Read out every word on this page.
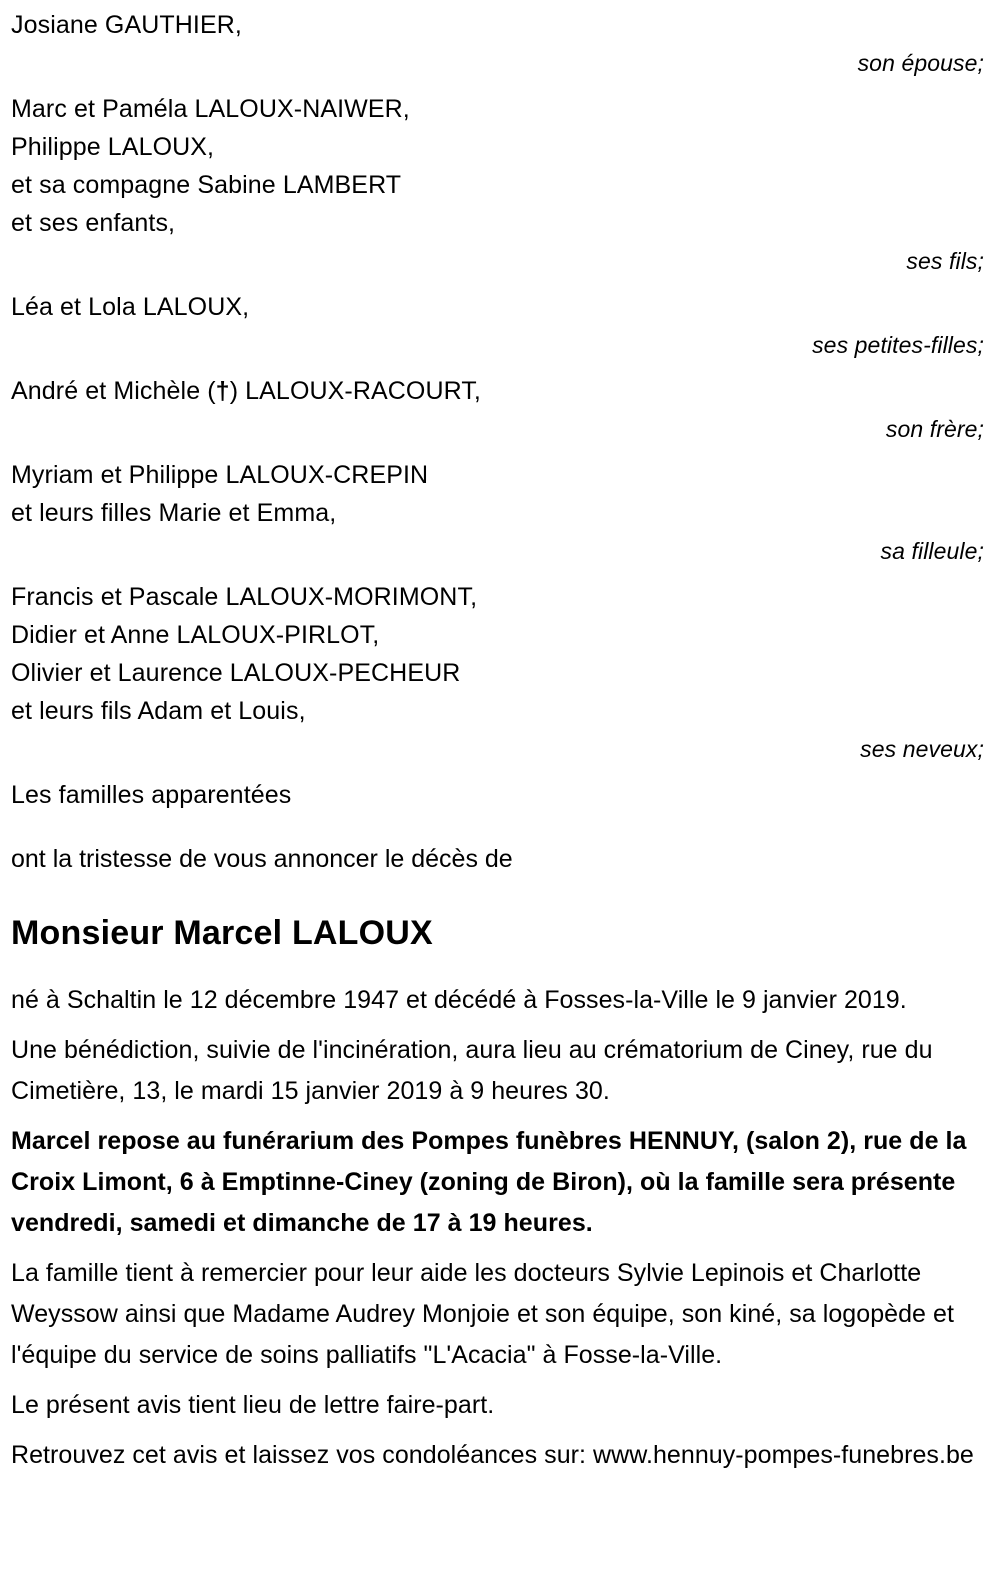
Josiane GAUTHIER,
son épouse;
Marc et Paméla LALOUX-NAIWER,
Philippe LALOUX,
et sa compagne Sabine LAMBERT
et ses enfants,
ses fils;
Léa et Lola LALOUX,
ses petites-filles;
André et Michèle (†) LALOUX-RACOURT,
son frère;
Myriam et Philippe LALOUX-CREPIN
et leurs filles Marie et Emma,
sa filleule;
Francis et Pascale LALOUX-MORIMONT,
Didier et Anne LALOUX-PIRLOT,
Olivier et Laurence LALOUX-PECHEUR
et leurs fils Adam et Louis,
ses neveux;
Les familles apparentées
ont la tristesse de vous annoncer le décès de
Monsieur Marcel LALOUX

né à Schaltin le 12 décembre 1947 et décédé à Fosses-la-Ville le 9 janvier 2019.

Une bénédiction, suivie de l'incinération, aura lieu au crématorium de Ciney, rue du Cimetière, 13, le mardi 15 janvier 2019 à 9 heures 30.

Marcel repose au funérarium des Pompes funèbres HENNUY, (salon 2), rue de la Croix Limont, 6 à Emptinne-Ciney (zoning de Biron), où la famille sera présente vendredi, samedi et dimanche de 17 à 19 heures.

La famille tient à remercier pour leur aide les docteurs Sylvie Lepinois et Charlotte Weyssow ainsi que Madame Audrey Monjoie et son équipe, son kiné, sa logopède et l'équipe du service de soins palliatifs "L'Acacia" à Fosse-la-Ville.

Le présent avis tient lieu de lettre faire-part.

Retrouvez cet avis et laissez vos condoléances sur: www.hennuy-pompes-funebres.be
